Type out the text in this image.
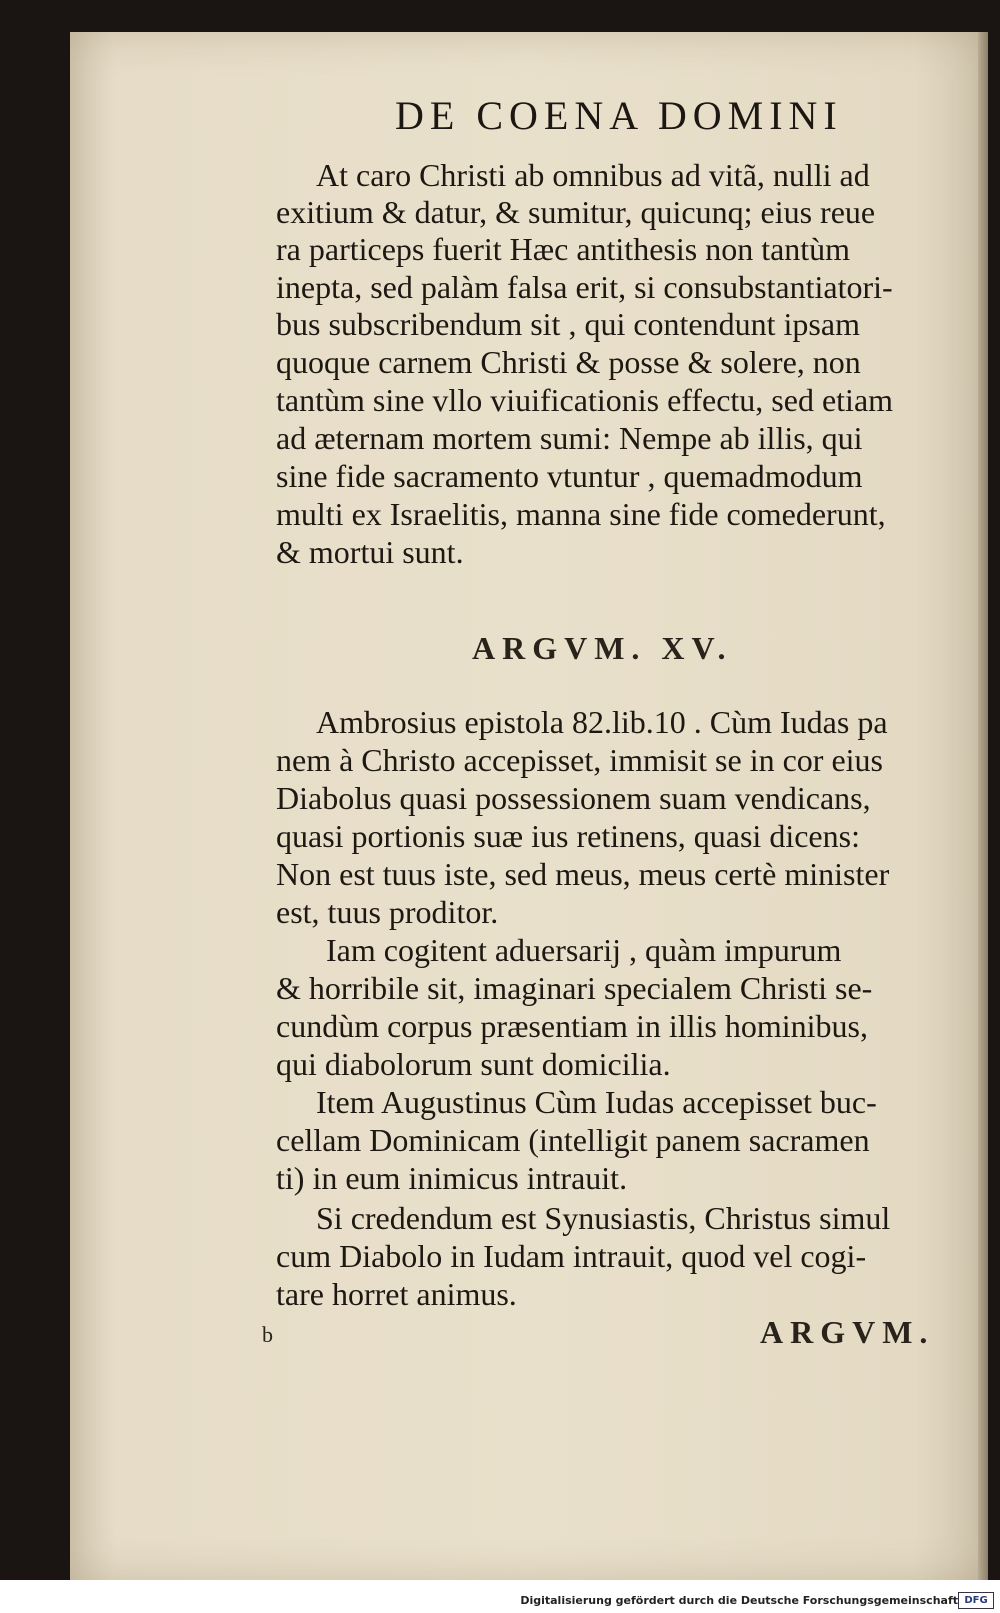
DE COENA DOMINI
At caro Christi ab omnibus ad vitã, nulli ad
exitium & datur, & sumitur, quicunq; eius reue
ra particeps fuerit Hæc antithesis non tantùm
inepta, sed palàm falsa erit, si consubstantiatori-
bus subscribendum sit , qui contendunt ipsam
quoque carnem Christi & posse & solere, non
tantùm sine vllo viuificationis effectu, sed etiam
ad æternam mortem sumi: Nempe ab illis, qui
sine fide sacramento vtuntur , quemadmodum
multi ex Israelitis, manna sine fide comederunt,
& mortui sunt.
ARGVM. XV.
Ambrosius epistola 82.lib.10 . Cùm Iudas pa
nem à Christo accepisset, immisit se in cor eius
Diabolus quasi possessionem suam vendicans,
quasi portionis suæ ius retinens, quasi dicens:
Non est tuus iste, sed meus, meus certè minister
est, tuus proditor.
Iam cogitent aduersarij , quàm impurum
& horribile sit, imaginari specialem Christi se-
cundùm corpus præsentiam in illis hominibus,
qui diabolorum sunt domicilia.
Item Augustinus Cùm Iudas accepisset buc-
cellam Dominicam (intelligit panem sacramen
ti) in eum inimicus intrauit.
Si credendum est Synusiastis, Christus simul
cum Diabolo in Iudam intrauit, quod vel cogi-
tare horret animus.
b	ARGVM.
Digitalisierung gefördert durch die Deutsche Forschungsgemeinschaft DFG
